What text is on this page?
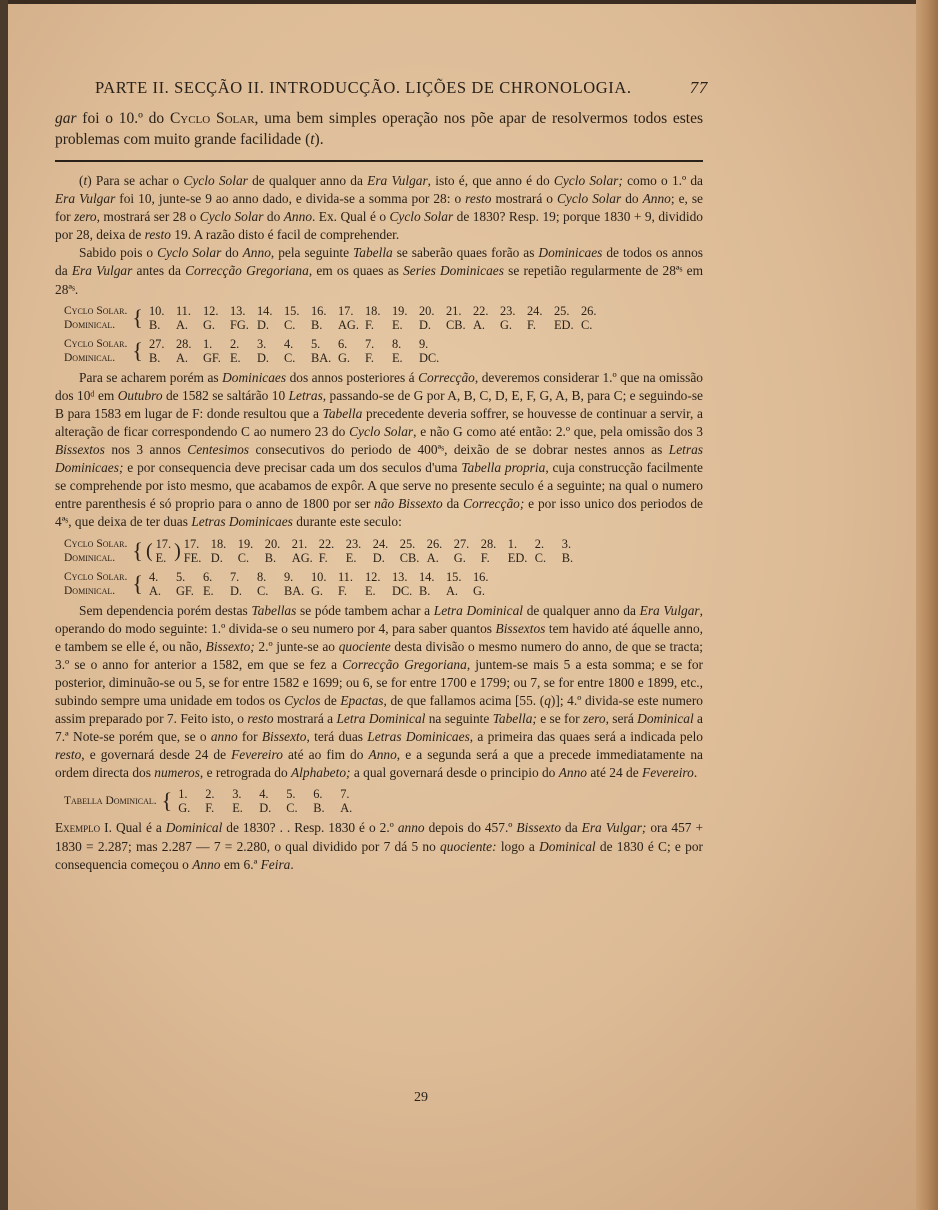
PARTE II. SECÇÃO II. INTRODUCÇÃO. LIÇÕES DE CHRONOLOGIA.	77
gar foi o 10.º do Cyclo Solar, uma bem simples operação nos põe apar de resolvermos todos estes problemas com muito grande facilidade (t).

(t) Para se achar o Cyclo Solar de qualquer anno da Era Vulgar, isto é, que anno é do Cyclo Solar; como o 1.º da Era Vulgar foi 10, junte-se 9 ao anno dado, e divida-se a somma por 28: o resto mostrará o Cyclo Solar do Anno; e, se for zero, mostrará ser 28 o Cyclo Solar do Anno. Ex. Qual é o Cyclo Solar de 1830? Resp. 19; porque 1830 + 9, dividido por 28, deixa de resto 19. A razão disto é facil de comprehender.

Sabido pois o Cyclo Solar do Anno, pela seguinte Tabella se saberão quaes forão as Dominicaes de todos os annos da Era Vulgar antes da Correcção Gregoriana, em os quaes as Series Dominicaes se repetião regularmente de 28ªˢ em 28ªˢ.

Cyclo Solar.	{	10. 11. 12. 13. 14. 15. 16. 17. 18. 19. 20. 21. 22. 23. 24. 25. 26.
Dominical.		B. A. G. FG. D. C. B. AG. F. E. D. CB. A. G. F. ED. C.
Cyclo Solar.	{	27. 28. 1. 2. 3. 4. 5. 6. 7. 8. 9.
Dominical.		B. A. GF. E. D. C. BA. G. F. E. DC.

Para se acharem porém as Dominicaes dos annos posteriores á Correcção, deveremos considerar 1.º que na omissão dos 10ᵈ em Outubro de 1582 se saltárão 10 Letras, passando-se de G por A, B, C, D, E, F, G, A, B, para C; e seguindo-se B para 1583 em lugar de F: donde resultou que a Tabella precedente deveria soffrer, se houvesse de continuar a servir, a alteração de ficar correspondendo C ao numero 23 do Cyclo Solar, e não G como até então: 2.º que, pela omissão dos 3 Bissextos nos 3 annos Centesimos consecutivos do periodo de 400ªˢ, deixão de se dobrar nestes annos as Letras Dominicaes; e por consequencia deve precisar cada um dos seculos d'uma Tabella propria, cuja construcção facilmente se comprehende por isto mesmo, que acabamos de expôr. A que serve no presente seculo é a seguinte; na qual o numero entre parenthesis é só proprio para o anno de 1800 por ser não Bissexto da Correcção; e por isso unico dos periodos de 4ªˢ, que deixa de ter duas Letras Dominicaes durante este seculo:

Cyclo Solar.	{	(	17.	)	17. 18. 19. 20. 21. 22. 23. 24. 25. 26. 27. 28. 1. 2. 3.
Dominical.			E.		FE. D. C. B. AG. F. E. D. CB. A. G. F. ED. C. B.
Cyclo Solar.	{	4. 5. 6. 7. 8. 9. 10. 11. 12. 13. 14. 15. 16.
Dominical.		A. GF. E. D. C. BA. G. F. E. DC. B. A. G.

Sem dependencia porém destas Tabellas se póde tambem achar a Letra Dominical de qualquer anno da Era Vulgar, operando do modo seguinte: 1.º divida-se o seu numero por 4, para saber quantos Bissextos tem havido até áquelle anno, e tambem se elle é, ou não, Bissexto; 2.º junte-se ao quociente desta divisão o mesmo numero do anno, de que se tracta; 3.º se o anno for anterior a 1582, em que se fez a Correcção Gregoriana, juntem-se mais 5 a esta somma; e se for posterior, diminuão-se ou 5, se for entre 1582 e 1699; ou 6, se for entre 1700 e 1799; ou 7, se for entre 1800 e 1899, etc., subindo sempre uma unidade em todos os Cyclos de Epactas, de que fallamos acima [55. (q)]; 4.º divida-se este numero assim preparado por 7. Feito isto, o resto mostrará a Letra Dominical na seguinte Tabella; e se for zero, será Dominical a 7.ª Note-se porém que, se o anno for Bissexto, terá duas Letras Dominicaes, a primeira das quaes será a indicada pelo resto, e governará desde 24 de Fevereiro até ao fim do Anno, e a segunda será a que a precede immediatamente na ordem directa dos numeros, e retrograda do Alphabeto; a qual governará desde o principio do Anno até 24 de Fevereiro.

Tabella Dominical.	{	1. 2. 3. 4. 5. 6. 7.
G. F. E. D. C. B. A.

Exemplo I. Qual é a Dominical de 1830? . . Resp. 1830 é o 2.º anno depois do 457.º Bissexto da Era Vulgar; ora 457 + 1830 = 2.287; mas 2.287 — 7 = 2.280, o qual dividido por 7 dá 5 no quociente: logo a Dominical de 1830 é C; e por consequencia começou o Anno em 6.ª Feira.

29
